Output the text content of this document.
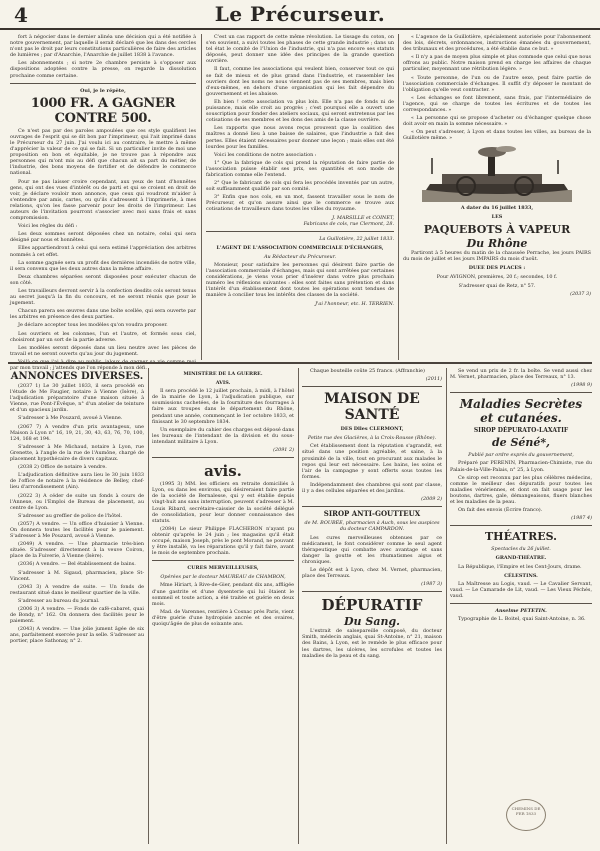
4	Le Précurseur.

fort à négocier dans le dernier alinéa une décision qui a été notifiée à notre gouvernement, par laquelle il serait déclaré que les dans des cercles n'ont pas le droit par leurs constitutions particulières de faire des articles de lumières ; par d'Anarchie, l'Anarchie de juillet 1838 à l'avance.

Les abonnements ; si notre 2e chambre persiste à s'opposer aux dispositions adoptées contre la presse, on regarde la dissolution prochaine comme certaine.

Oui, je le répète,
1000 FR. A GAGNER CONTRE 500.

Ce n'est pas par des paroles ampoulées que ces style qualifient les ouvrages de l'esprit qui se dit bon par l'imprimeur, qui l'ait imprimé dans le Précurseur du 27 juin. J'ai voulu ici au contraire, le mettre à même d'apprécier la valeur de ce qui se fait. Si un particulier invite de moi une proposition en bon et équitable, je ne trouve pas à répondre aux personnes qui m'ont mis au défi que chacun ait sa part du métier, de l'industrie, des bons moyens de fortifier et de défendre le commerce national.

Pour ne pas laisser croire cependant, aux yeux de tant d'honnêtes gens, qui ont des vues d'intérêt ou de parti et qui se croient en droit de voir, je déclare vouloir mon annonce, que ceux qui voudront m'aider à s'entendre par amis, cartes, ou qu'ils s'adressent à l'imprimerie, à mes relations, qu'on les fasse parvenir pour les droits de l'imprimeur. Les auteurs de l'invitation pourront s'associer avec moi sans frais et sans compromission.

Voici les règles du défi :

Les deux sommes seront déposées chez un notaire, celui qui sera désigné par nous et honnêtes.

Elles appartiendront à celui qui sera estimé l'appréciation des arbitres nommés à cet effet.

La somme gagnée sera un profit des dernières incendiés de notre ville, il sera convenu que les deux autres dans la même affaire.

Deux chambres séparées seront disposées pour exécuter chacun de son côté.

Les travailleurs devront servir à la confection desdits cols seront tenus au secret jusqu'à la fin du concours, et ne seront réunis que pour le jugement.

Chacun parera ses œuvres dans une boîte scellée, qui sera ouverte par les arbitres en présence des deux parties.

Je déclare accepter tous les modèles qu'on voudra proposer.

Les ouvriers et les colonnes, l'un et l'autre, et formés sous ciel, choisiront par un sort de la partie adverse.

Les modèles seront déposés dans un lieu neutre avec les pièces de travail et ne seront ouverts qu'au jour du jugement.

par mon travail ; j'attends que l'on réponde à mon défi.

C'est un cas rapport de cette même révolution. Le tissage du coton, on s'en souvient, a suivi toutes les phases de cette grande industrie ; dans un tel état le comité de l'Union de l'industrie, qui n'a pas encore ses statuts déposés, peut donner une idée des principes de la grande question ouvrière.

Il faut, comme les associations qui veulent bien, conserver tout ce qui se fait de mieux et de plus grand dans l'industrie, et rassembler les ouvriers dont les noms ne nous viennent pas de ses membres, mais bien d'eux-mêmes, en dehors d'une organisation qui les fait dépendre du gouvernement et les abaisse.

Eh bien ! cette association va plus loin. Elle n'a pas de fonds ni de puissance, mais elle croit au progrès ; c'est pourquoi elle a ouvert une souscription pour fonder des ateliers sociaux, qui seront entretenus par les cotisations de ses membres et les dons des amis de la classe ouvrière.

Les rapports que nous avons reçus prouvent que la coalition des maîtres a donné lieu à une baisse de salaires, que l'industrie a fait des pertes. Elles étaient nécessaires pour donner une leçon ; mais elles ont été lourdes pour les familles.

Voici les conditions de notre association :

1° Que la fabrique de cols qui prend la réputation de faire partie de l'association puisse établir ses prix, ses quantités et son mode de fabrication comme elle l'entend.

2° Que le fabricant de cols qui fera les procédés inventés par un autre, soit suffisamment qualifié par son comité.

3° Enfin que nos cols, en un mot, fassent travailler sous le nom de Précurseur, et qu'on assure ainsi que le commerce se trouve aux cotisations de travailleurs dans toutes les villes du royaume.

J. MARSILLE et COINET,
Fabricans de cols, rue Clermont, 28.
La Guillotière, 22 juillet 1833.
L'AGENT DE L'ASSOCIATION COMMERCIALE D'ÉCHANGES,
Au Rédacteur du Précurseur.

Monsieur, pour satisfaire les personnes qui désirent faire partie de l'association commerciale d'échanges, mais qui sont arrêtées par certaines considérations, je viens vous prier d'insérer dans votre plus prochain numéro les réflexions suivantes : elles sont faites sans prétention et dans l'intérêt d'un établissement dont toutes les opérations sont tendues de manière à concilier tous les intérêts des classes de la société.

J'ai l'honneur, etc. H. TERRIEN.

« L'agence de la Guillotière, spécialement autorisée pour l'abonnement des lois, décrets, ordonnances, instructions émanées du gouvernement, des tribunaux et des procédures, a été établie dans ce but. »

« Il n'y a pas de moyen plus simple et plus commode que celui que nous offrons au public. Notre maison prend en charge les affaires de chaque particulier, moyennant une rétribution légère. »

« Toute personne, de l'un ou de l'autre sexe, peut faire partie de l'association commerciale d'échanges. Il suffit d'y déposer le montant de l'obligation qu'elle veut contracter. »

« Les échanges se font librement, sans frais, par l'intermédiaire de l'agence, qui se charge de toutes les écritures et de toutes les correspondances. »

« La personne qui se propose d'acheter ou d'échanger quelque chose doit avoir en main la somme nécessaire. »

« On peut s'adresser, à Lyon et dans toutes les villes, au bureau de la Guillotière même. »

A dater du 16 juillet 1833,
LES
PAQUEBOTS À VAPEUR
Du Rhône

Partiront à 5 heures du matin de la chaussée Perrache, les jours PAIRS du mois de juillet et les jours IMPAIRS du mois d'août.

DUEE DES PLACES :
Pour AVIGNON, premières, 20 f.; secondes, 10 f.
S'adresser quai de Retz, n° 57.
(2037 3)
ANNONCES DIVERSES.

(2037 1) Le 30 juillet 1833, il sera procédé en l'étude de Me Faugier, notaire à Vienne (Isère), à l'adjudication préparatoire d'une maison située à Vienne, rue Pont-l'Évêque, n° d'un atelier de teinture et d'un spacieux jardin.

S'adresser à Me Pouzard, avoué à Vienne.

(2067 7) A vendre d'un prix avantageux, une Maison à Lyon n° 16, 19, 21, 30, 43, 63, 76, 70, 100, 124, 168 et 194.

S'adresser à Me Michaud, notaire à Lyon, rue Grenette, à l'angle de la rue de l'Aumône, chargé de placement hypothécaire de divers capitaux.

(2038 2) Office de notaire à vendre.

L'adjudication définitive aura lieu le 30 juin 1833 de l'office de notaire à la résidence de Belley, chef-lieu d'arrondissement (Ain).

(2022 3) A céder de suite un fonds à cours de l'Annexe, ou l'Emploi de Bureau de placement, au centre de Lyon.

S'adresser au greffier de police de l'hôtel.

(2057) A vendre. — Un office d'huissier à Vienne. On donnera toutes les facilités pour le paiement. S'adresser à Me Pouzard, avoué à Vienne.

(2049) A vendre. — Une pharmacie très-bien située. S'adresser directement à la veuve Coiron, place de la Fuiverie, à Vienne (Isère).

(2036) A vendre. — Bel établissement de bains.

S'adresser à M. Sigaud, pharmacien, place St-Vincent.

(2043 3) A vendre de suite. — Un fonds de restaurant situé dans le meilleur quartier de la ville.

S'adresser au bureau du journal.

(2006 3) A vendre. — Fonds de café-cabaret, quai de Bondy, n° 162. On donnera des facilités pour le paiement.

(2043) A vendre. — Une jolie jument âgée de six ans, parfaitement exercée pour la selle. S'adresser au portier, place Sathonay, n° 2.

MINISTÈRE DE LA GUERRE.
AVIS.

Il sera procédé le 12 juillet prochain, à midi, à l'hôtel de la mairie de Lyon, à l'adjudication publique, sur soumissions cachetées, de la fourniture des fourrages à faire aux troupes dans le département du Rhône, pendant une année, commençant le 1er octobre 1833, et finissant le 30 septembre 1834.

Un exemplaire du cahier des charges est déposé dans les bureaux de l'intendant de la division et du sous-intendant militaire à Lyon.

(2091 2)
avis.

(1995 3) MM. les officiers en retraite domiciliés à Lyon, ou dans les environs, qui désireraient faire partie de la société de Bernalesse, qui y est établie depuis vingt-huit ans sans interruption, peuvent s'adresser à M. Louis Ribard, secrétaire-caissier de la société délégué de consolidation, pour leur donner connaissance des statuts.

(2084) Le sieur Philippe FLACHERON n'ayant pu obtenir qu'après le 24 juin ; les magasins qu'il était occupé, maison Joseph, près le pont Morand, ne pouvant y être installé, va les réparations qu'il y fait faire, avant le mois de septembre prochain.

CURES MERVEILLEUSES,
Opérées par le docteur MAUREAU de CHAMBON,

Mme Hiriart, à Rive-de-Gier, pendant dix ans, affligée d'une gastrite et d'une dysenterie qui lui ôtaient le sommeil et toute action, a été traitée et guérie en deux mois.

Mad. de Varennes, rentière à Cosnac près Paris, vient d'être guérie d'une hydropisie ancrée et des ovaires, quoiqu'âgée de plus de soixante ans.

Chaque bouteille coûte 25 francs. (Affranchie)

(2011)
MAISON DE SANTÉ
DES Dlles CLERMONT,
Petite rue des Glacières, à la Croix-Rousse (Rhône).

Cet établissement dont la réputation s'agrandit, est situé dans une position agréable, et saine, à la proximité de la ville, tout en procurant aux malades le repos qui leur est nécessaire. Les bains, les soins et l'air de la campagne y sont offerts sous toutes les formes.

Indépendamment des chambres qui sont par classe, il y a des cellules séparées et des jardins.

(2009 2)
SIROP ANTI-GOUTTEUX
de M. BOUBÉE, pharmacien à Auch, sous les auspices du docteur CAMPARDON.

Les cures merveilleuses obtenues par ce médicament, le font considérer comme le seul agent thérapeutique qui combatte avec avantage et sans danger la goutte et les rhumatismes aigus et chroniques.

Le dépôt est à Lyon, chez M. Vernet, pharmacien, place des Terreaux.

(1987 3)
DÉPURATIF
Du Sang.

L'extrait de salsepareille composé, du docteur Smith, médecin anglais, quai St-Antoine, n° 21, maison des Bains, à Lyon, est le remède le plus efficace pour les dartres, les ulcères, les scrofules et toutes les maladies de la peau et du sang.

Se vend un prix de 2 fr. la boîte. Se vend aussi chez M. Vernet, pharmacien, place des Terreaux, n° 13.

(1998 9)
Maladies Secrètes
et cutanées.
SIROP DÉPURATO-LAXATIF
de Séné*,
Publié par ordre exprès du gouvernement,

Préparé par PERENIN, Pharmacien-Chimiste, rue du Palais-de-la-Ville-Palais, n° 25, à Lyon.

Ce sirop est reconnu par les plus célèbres médecins, comme le meilleur des dépuratifs pour toutes les maladies vénériennes, et dont on fait usage pour les boutons, dartres, gale, démangeaisons, fluers blanches et les maladies de la peau.

On fait des envois (Écrire franco).

(1987 4)
THÉATRES.
Spectacles du 26 juillet.
GRAND-THÉATRE.

La République, l'Empire et les Cent-Jours, drame.

CÉLESTINS.

La Maîtresse au Logis, vaud. — Le Cavalier Servant, vaud. — Le Camarade de Lit, vaud. — Les Vieux Péchés, vaud.

Anselme PETETIN.

Typographie de L. Boitel, quai Saint-Antoine, n. 36.

CHEMINS DE FER 1833
